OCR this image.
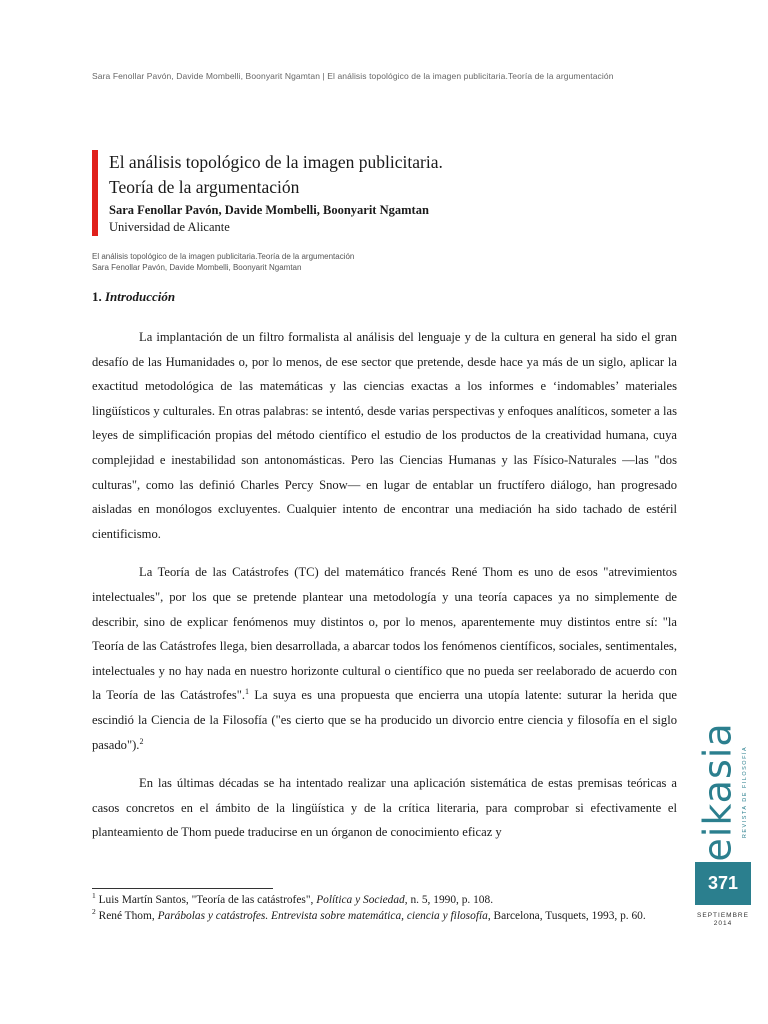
Sara Fenollar Pavón, Davide Mombelli, Boonyarit Ngamtan | El análisis topológico de la imagen publicitaria.Teoría de la argumentación
El análisis topológico de la imagen publicitaria.
Teoría de la argumentación
Sara Fenollar Pavón, Davide Mombelli, Boonyarit Ngamtan
Universidad de Alicante
El análisis topológico de la imagen publicitaria.Teoría de la argumentación
Sara Fenollar Pavón, Davide Mombelli, Boonyarit Ngamtan
1. Introducción

La implantación de un filtro formalista al análisis del lenguaje y de la cultura en general ha sido el gran desafío de las Humanidades o, por lo menos, de ese sector que pretende, desde hace ya más de un siglo, aplicar la exactitud metodológica de las matemáticas y las ciencias exactas a los informes e ‘indomables’ materiales lingüísticos y culturales. En otras palabras: se intentó, desde varias perspectivas y enfoques analíticos, someter a las leyes de simplificación propias del método científico el estudio de los productos de la creatividad humana, cuya complejidad e inestabilidad son antonomásticas. Pero las Ciencias Humanas y las Físico-Naturales —las "dos culturas", como las definió Charles Percy Snow— en lugar de entablar un fructífero diálogo, han progresado aisladas en monólogos excluyentes. Cualquier intento de encontrar una mediación ha sido tachado de estéril cientificismo.

La Teoría de las Catástrofes (TC) del matemático francés René Thom es uno de esos "atrevimientos intelectuales", por los que se pretende plantear una metodología y una teoría capaces ya no simplemente de describir, sino de explicar fenómenos muy distintos o, por lo menos, aparentemente muy distintos entre sí: "la Teoría de las Catástrofes llega, bien desarrollada, a abarcar todos los fenómenos científicos, sociales, sentimentales, intelectuales y no hay nada en nuestro horizonte cultural o científico que no pueda ser reelaborado de acuerdo con la Teoría de las Catástrofes".$^1$ La suya es una propuesta que encierra una utopía latente: suturar la herida que escindió la Ciencia de la Filosofía ("es cierto que se ha producido un divorcio entre ciencia y filosofía en el siglo pasado").$^2$

En las últimas décadas se ha intentado realizar una aplicación sistemática de estas premisas teóricas a casos concretos en el ámbito de la lingüística y de la crítica literaria, para comprobar si efectivamente el planteamiento de Thom puede traducirse en un órganon de conocimiento eficaz y

$^1$ Luis Martín Santos, "Teoría de las catástrofes", Política y Sociedad, n. 5, 1990, p. 108.
$^2$ René Thom, Parábolas y catástrofes. Entrevista sobre matemática, ciencia y filosofía, Barcelona, Tusquets, 1993, p. 60.
eikasia REVISTA DE FILOSOFÍA
371
SEPTIEMBRE
2014
